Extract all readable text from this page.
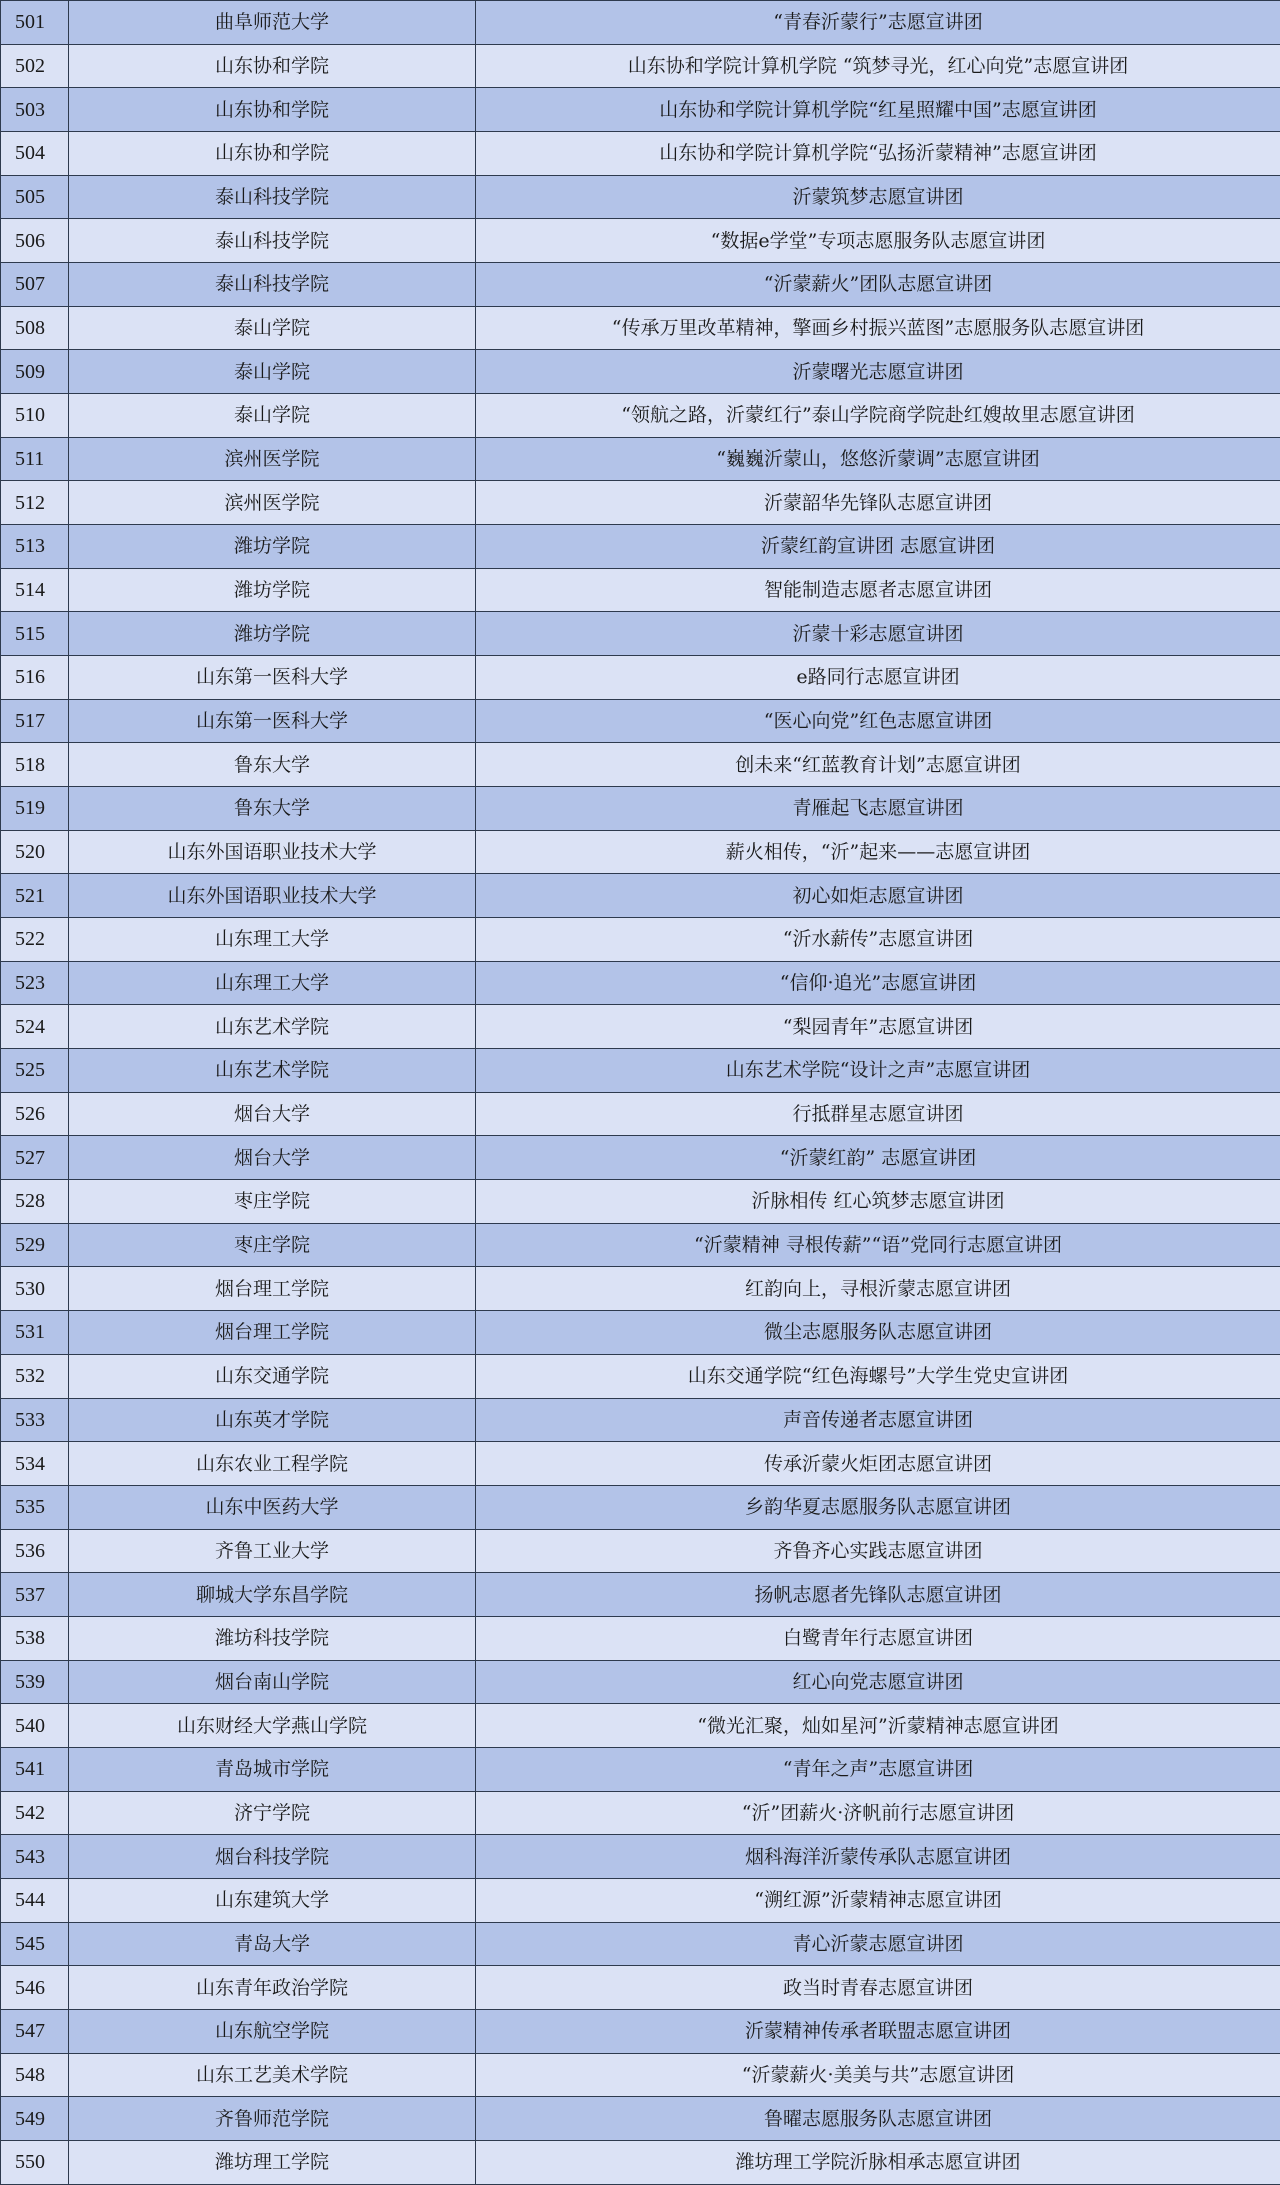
501	曲阜师范大学	“青春沂蒙行”志愿宣讲团
502	山东协和学院	山东协和学院计算机学院 “筑梦寻光，红心向党”志愿宣讲团
503	山东协和学院	山东协和学院计算机学院“红星照耀中国”志愿宣讲团
504	山东协和学院	山东协和学院计算机学院“弘扬沂蒙精神”志愿宣讲团
505	泰山科技学院	沂蒙筑梦志愿宣讲团
506	泰山科技学院	“数据e学堂”专项志愿服务队志愿宣讲团
507	泰山科技学院	“沂蒙薪火”团队志愿宣讲团
508	泰山学院	“传承万里改革精神，擎画乡村振兴蓝图”志愿服务队志愿宣讲团
509	泰山学院	沂蒙曙光志愿宣讲团
510	泰山学院	“领航之路，沂蒙红行”泰山学院商学院赴红嫂故里志愿宣讲团
511	滨州医学院	“巍巍沂蒙山，悠悠沂蒙调”志愿宣讲团
512	滨州医学院	沂蒙韶华先锋队志愿宣讲团
513	潍坊学院	沂蒙红韵宣讲团 志愿宣讲团
514	潍坊学院	智能制造志愿者志愿宣讲团
515	潍坊学院	沂蒙十彩志愿宣讲团
516	山东第一医科大学	e路同行志愿宣讲团
517	山东第一医科大学	“医心向党”红色志愿宣讲团
518	鲁东大学	创未来“红蓝教育计划”志愿宣讲团
519	鲁东大学	青雁起飞志愿宣讲团
520	山东外国语职业技术大学	薪火相传，“沂”起来——志愿宣讲团
521	山东外国语职业技术大学	初心如炬志愿宣讲团
522	山东理工大学	“沂水薪传”志愿宣讲团
523	山东理工大学	“信仰·追光”志愿宣讲团
524	山东艺术学院	“梨园青年”志愿宣讲团
525	山东艺术学院	山东艺术学院“设计之声”志愿宣讲团
526	烟台大学	行抵群星志愿宣讲团
527	烟台大学	“沂蒙红韵” 志愿宣讲团
528	枣庄学院	沂脉相传 红心筑梦志愿宣讲团
529	枣庄学院	“沂蒙精神 寻根传薪”“语”党同行志愿宣讲团
530	烟台理工学院	红韵向上，寻根沂蒙志愿宣讲团
531	烟台理工学院	微尘志愿服务队志愿宣讲团
532	山东交通学院	山东交通学院“红色海螺号”大学生党史宣讲团
533	山东英才学院	声音传递者志愿宣讲团
534	山东农业工程学院	传承沂蒙火炬团志愿宣讲团
535	山东中医药大学	乡韵华夏志愿服务队志愿宣讲团
536	齐鲁工业大学	齐鲁齐心实践志愿宣讲团
537	聊城大学东昌学院	扬帆志愿者先锋队志愿宣讲团
538	潍坊科技学院	白鹭青年行志愿宣讲团
539	烟台南山学院	红心向党志愿宣讲团
540	山东财经大学燕山学院	“微光汇聚，灿如星河”沂蒙精神志愿宣讲团
541	青岛城市学院	“青年之声”志愿宣讲团
542	济宁学院	“沂”团薪火·济帆前行志愿宣讲团
543	烟台科技学院	烟科海洋沂蒙传承队志愿宣讲团
544	山东建筑大学	“溯红源”沂蒙精神志愿宣讲团
545	青岛大学	青心沂蒙志愿宣讲团
546	山东青年政治学院	政当时青春志愿宣讲团
547	山东航空学院	沂蒙精神传承者联盟志愿宣讲团
548	山东工艺美术学院	“沂蒙薪火·美美与共”志愿宣讲团
549	齐鲁师范学院	鲁曜志愿服务队志愿宣讲团
550	潍坊理工学院	潍坊理工学院沂脉相承志愿宣讲团
